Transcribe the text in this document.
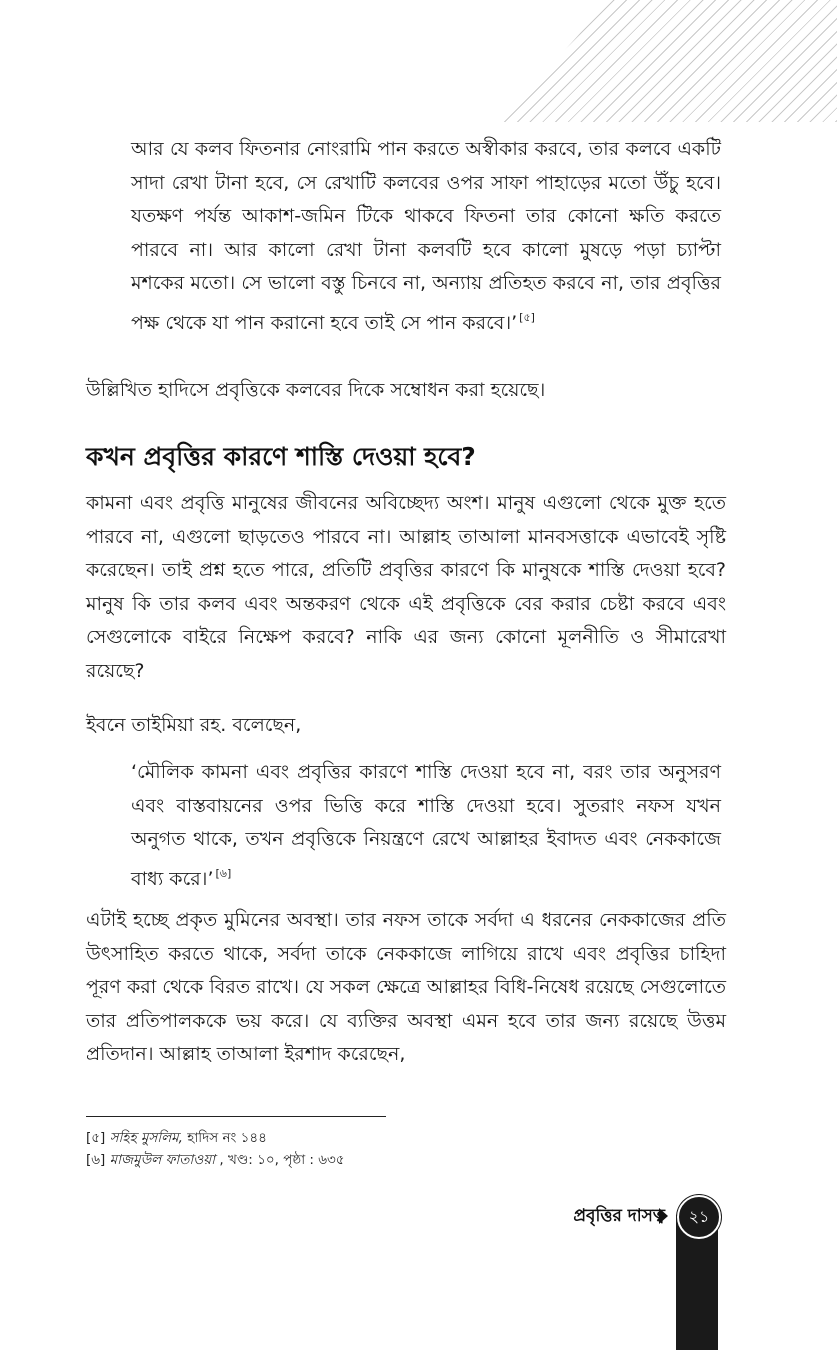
আর যে কলব ফিতনার নোংরামি পান করতে অস্বীকার করবে, তার কলবে একটি সাদা রেখা টানা হবে, সে রেখাটি কলবের ওপর সাফা পাহাড়ের মতো উঁচু হবে। যতক্ষণ পর্যন্ত আকাশ-জমিন টিকে থাকবে ফিতনা তার কোনো ক্ষতি করতে পারবে না। আর কালো রেখা টানা কলবটি হবে কালো মুষড়ে পড়া চ্যাপ্টা মশকের মতো। সে ভালো বস্তু চিনবে না, অন্যায় প্রতিহত করবে না, তার প্রবৃত্তির পক্ষ থেকে যা পান করানো হবে তাই সে পান করবে।’ [৫]
উল্লিখিত হাদিসে প্রবৃত্তিকে কলবের দিকে সম্বোধন করা হয়েছে।
কখন প্রবৃত্তির কারণে শাস্তি দেওয়া হবে?
কামনা এবং প্রবৃত্তি মানুষের জীবনের অবিচ্ছেদ্য অংশ। মানুষ এগুলো থেকে মুক্ত হতে পারবে না, এগুলো ছাড়তেও পারবে না। আল্লাহ তাআলা মানবসত্তাকে এভাবেই সৃষ্টি করেছেন। তাই প্রশ্ন হতে পারে, প্রতিটি প্রবৃত্তির কারণে কি মানুষকে শাস্তি দেওয়া হবে? মানুষ কি তার কলব এবং অন্তকরণ থেকে এই প্রবৃত্তিকে বের করার চেষ্টা করবে এবং সেগুলোকে বাইরে নিক্ষেপ করবে? নাকি এর জন্য কোনো মূলনীতি ও সীমারেখা রয়েছে?
ইবনে তাইমিয়া রহ. বলেছেন,
‘মৌলিক কামনা এবং প্রবৃত্তির কারণে শাস্তি দেওয়া হবে না, বরং তার অনুসরণ এবং বাস্তবায়নের ওপর ভিত্তি করে শাস্তি দেওয়া হবে। সুতরাং নফস যখন অনুগত থাকে, তখন প্রবৃত্তিকে নিয়ন্ত্রণে রেখে আল্লাহর ইবাদত এবং নেককাজে বাধ্য করে।’ [৬]
এটাই হচ্ছে প্রকৃত মুমিনের অবস্থা। তার নফস তাকে সর্বদা এ ধরনের নেককাজের প্রতি উৎসাহিত করতে থাকে, সর্বদা তাকে নেককাজে লাগিয়ে রাখে এবং প্রবৃত্তির চাহিদা পূরণ করা থেকে বিরত রাখে। যে সকল ক্ষেত্রে আল্লাহর বিধি-নিষেধ রয়েছে সেগুলোতে তার প্রতিপালককে ভয় করে। যে ব্যক্তির অবস্থা এমন হবে তার জন্য রয়েছে উত্তম প্রতিদান। আল্লাহ তাআলা ইরশাদ করেছেন,

[৫] সহিহ মুসলিম, হাদিস নং ১৪৪

[৬] মাজমুউল ফাতাওয়া , খণ্ড: ১০, পৃষ্ঠা : ৬৩৫

প্রবৃত্তির দাসত্ব ২১
